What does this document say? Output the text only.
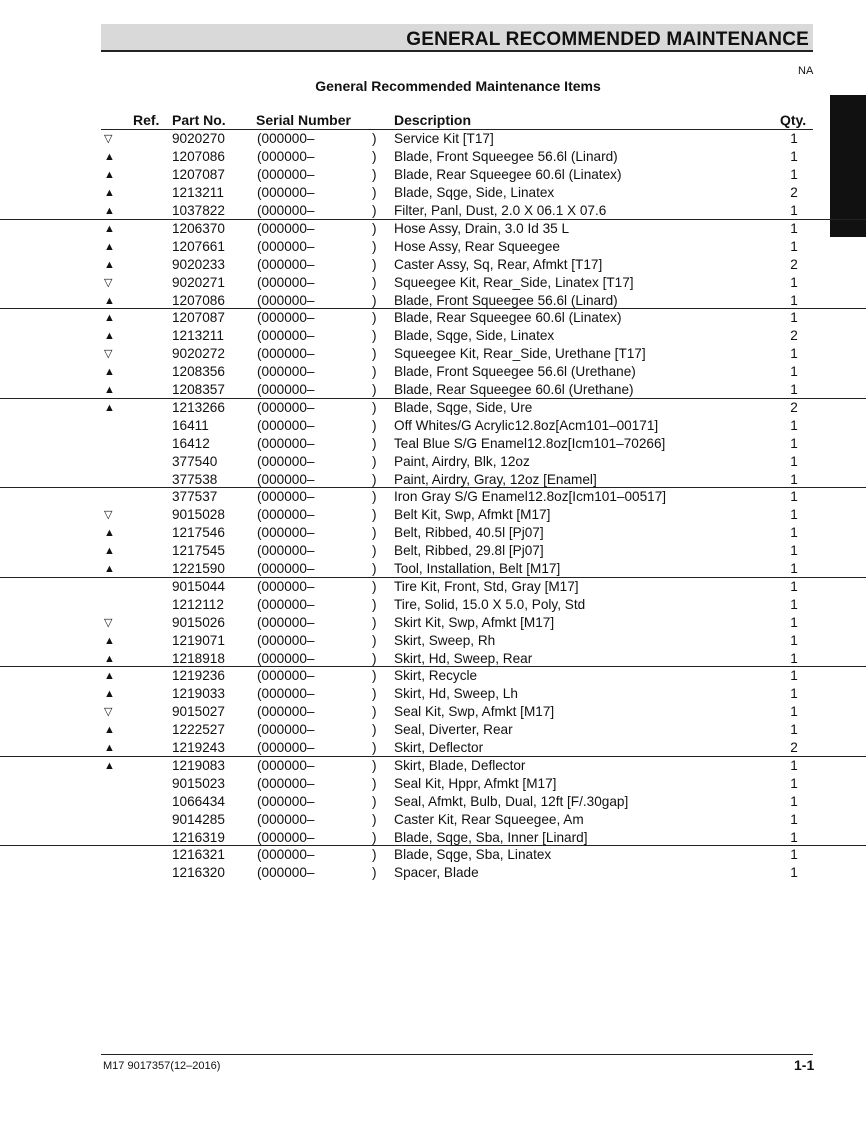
GENERAL RECOMMENDED MAINTENANCE
NA
General Recommended Maintenance Items
Ref. Part No. Serial Number	Description	Qty.
▽	9020270 (000000–	) Service Kit [T17]	1
▲	1207086 (000000–	) Blade, Front Squeegee 56.6l (Linard)	1
▲	1207087 (000000–	) Blade, Rear Squeegee 60.6l (Linatex)	1
▲	1213211 (000000–	) Blade, Sqge, Side, Linatex	2
▲	1037822 (000000–	) Filter, Panl, Dust, 2.0 X 06.1 X 07.6	1
▲	1206370 (000000–	) Hose Assy, Drain, 3.0 Id 35 L	1
▲	1207661 (000000–	) Hose Assy, Rear Squeegee	1
▲	9020233 (000000–	) Caster Assy, Sq, Rear, Afmkt [T17]	2
▽	9020271 (000000–	) Squeegee Kit, Rear_Side, Linatex [T17]	1
▲	1207086 (000000–	) Blade, Front Squeegee 56.6l (Linard)	1
▲	1207087 (000000–	) Blade, Rear Squeegee 60.6l (Linatex)	1
▲	1213211 (000000–	) Blade, Sqge, Side, Linatex	2
▽	9020272 (000000–	) Squeegee Kit, Rear_Side, Urethane [T17]	1
▲	1208356 (000000–	) Blade, Front Squeegee 56.6l (Urethane)	1
▲	1208357 (000000–	) Blade, Rear Squeegee 60.6l (Urethane)	1
▲	1213266 (000000–	) Blade, Sqge, Side, Ure	2
16411	(000000–	) Off Whites/G Acrylic12.8oz[Acm101–00171]	1
16412	(000000–	) Teal Blue S/G Enamel12.8oz[Icm101–70266]	1
377540	(000000–	) Paint, Airdry, Blk, 12oz	1
377538	(000000–	) Paint, Airdry, Gray, 12oz [Enamel]	1
377537	(000000–	) Iron Gray S/G Enamel12.8oz[Icm101–00517]	1
▽	9015028 (000000–	) Belt Kit, Swp, Afmkt [M17]	1
▲	1217546 (000000–	) Belt, Ribbed, 40.5l [Pj07]	1
▲	1217545 (000000–	) Belt, Ribbed, 29.8l [Pj07]	1
▲	1221590 (000000–	) Tool, Installation, Belt [M17]	1
9015044 (000000–	) Tire Kit, Front, Std, Gray [M17]	1
1212112 (000000–	) Tire, Solid, 15.0 X 5.0, Poly, Std	1
▽	9015026 (000000–	) Skirt Kit, Swp, Afmkt [M17]	1
▲	1219071 (000000–	) Skirt, Sweep, Rh	1
▲	1218918 (000000–	) Skirt, Hd, Sweep, Rear	1
▲	1219236 (000000–	) Skirt, Recycle	1
▲	1219033 (000000–	) Skirt, Hd, Sweep, Lh	1
▽	9015027 (000000–	) Seal Kit, Swp, Afmkt [M17]	1
▲	1222527 (000000–	) Seal, Diverter, Rear	1
▲	1219243 (000000–	) Skirt, Deflector	2
▲	1219083 (000000–	) Skirt, Blade, Deflector	1
9015023 (000000–	) Seal Kit, Hppr, Afmkt [M17]	1
1066434 (000000–	) Seal, Afmkt, Bulb, Dual, 12ft [F/.30gap]	1
9014285 (000000–	) Caster Kit, Rear Squeegee, Am	1
1216319 (000000–	) Blade, Sqge, Sba, Inner [Linard]	1
1216321 (000000–	) Blade, Sqge, Sba, Linatex	1
1216320 (000000–	) Spacer, Blade	1
M17 9017357(12–2016)	1-1
